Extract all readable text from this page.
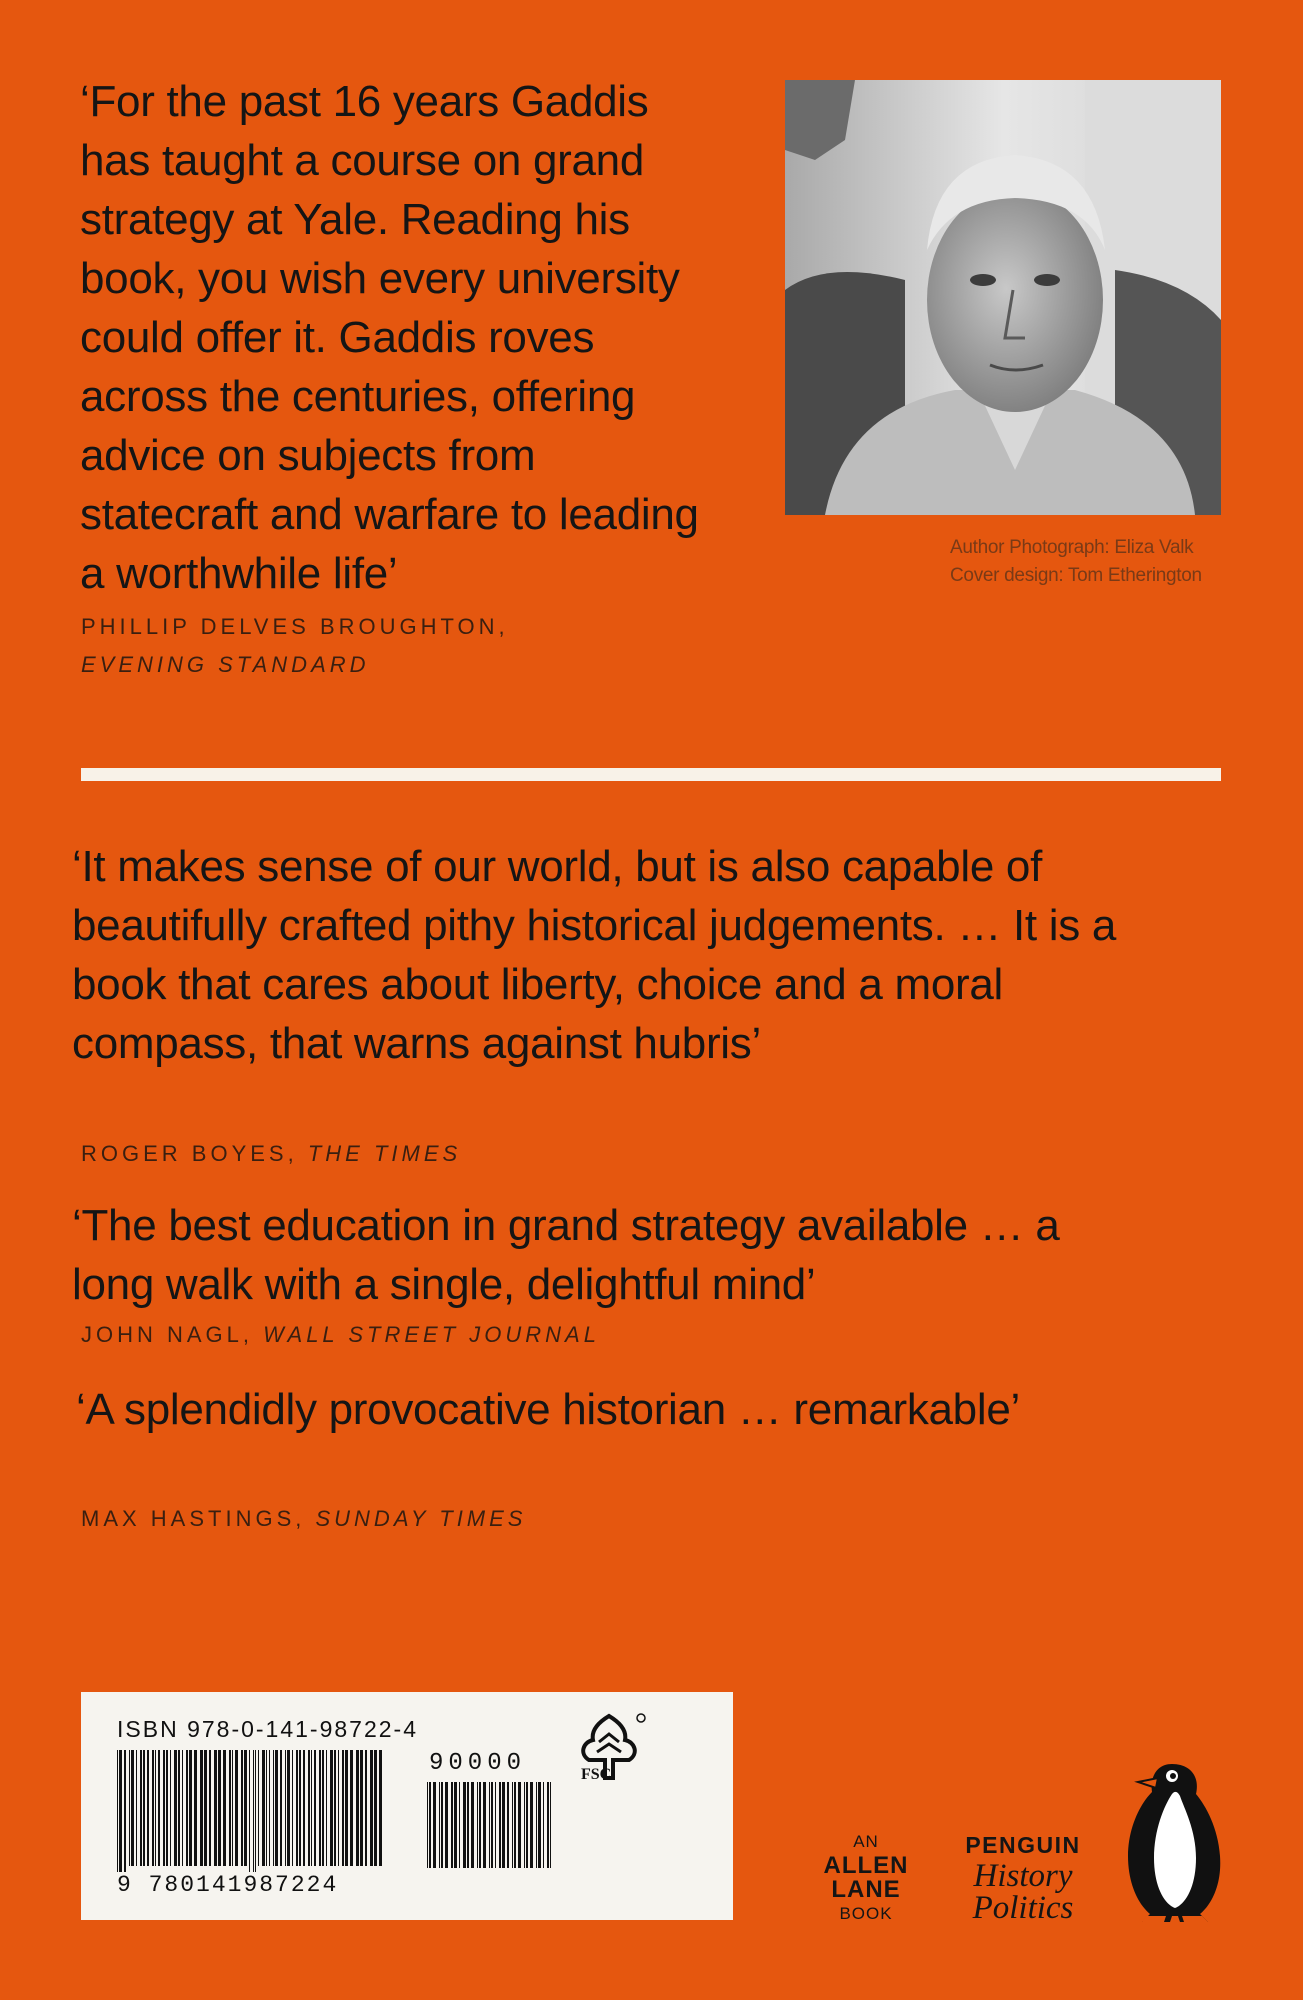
‘For the past 16 years Gaddis has taught a course on grand strategy at Yale. Reading his book, you wish every university could offer it. Gaddis roves across the centuries, offering advice on subjects from statecraft and warfare to leading a worthwhile life’

PHILLIP DELVES BROUGHTON,
EVENING STANDARD

Author Photograph: Eliza Valk
Cover design: Tom Etherington

‘It makes sense of our world, but is also capable of beautifully crafted pithy historical judgements. … It is a book that cares about liberty, choice and a moral compass, that warns against hubris’

ROGER BOYES, THE TIMES

‘The best education in grand strategy available … a long walk with a single, delightful mind’

JOHN NAGL, WALL STREET JOURNAL

‘A splendidly provocative historian … remarkable’

MAX HASTINGS, SUNDAY TIMES

ISBN 978-0-141-98722-4
90000	FSC
9 780141987224
AN
ALLEN
LANE
BOOK
PENGUIN
History
Politics
